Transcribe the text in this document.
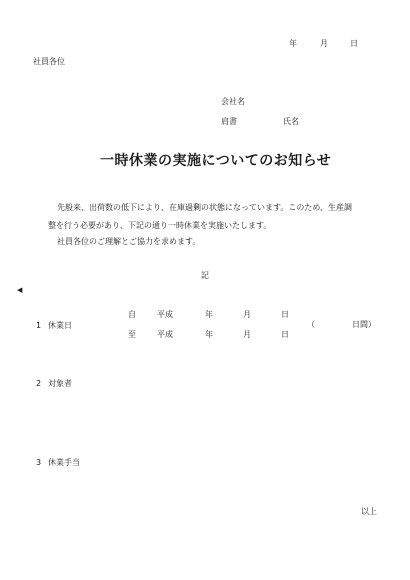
年	月	日
社員各位
会社名
肩書	氏名
一時休業の実施についてのお知らせ
先般来、出荷数の低下により、在庫過剰の状態になっています。このため、生産調
整を行う必要があり、下記の通り一時休業を実施いたします。
社員各位のご理解とご協力を求めます。
記
◀
1 休業日
自	平成	年	月	日
至	平成	年	月	日
（	日間）
2 対象者
3 休業手当
以上
